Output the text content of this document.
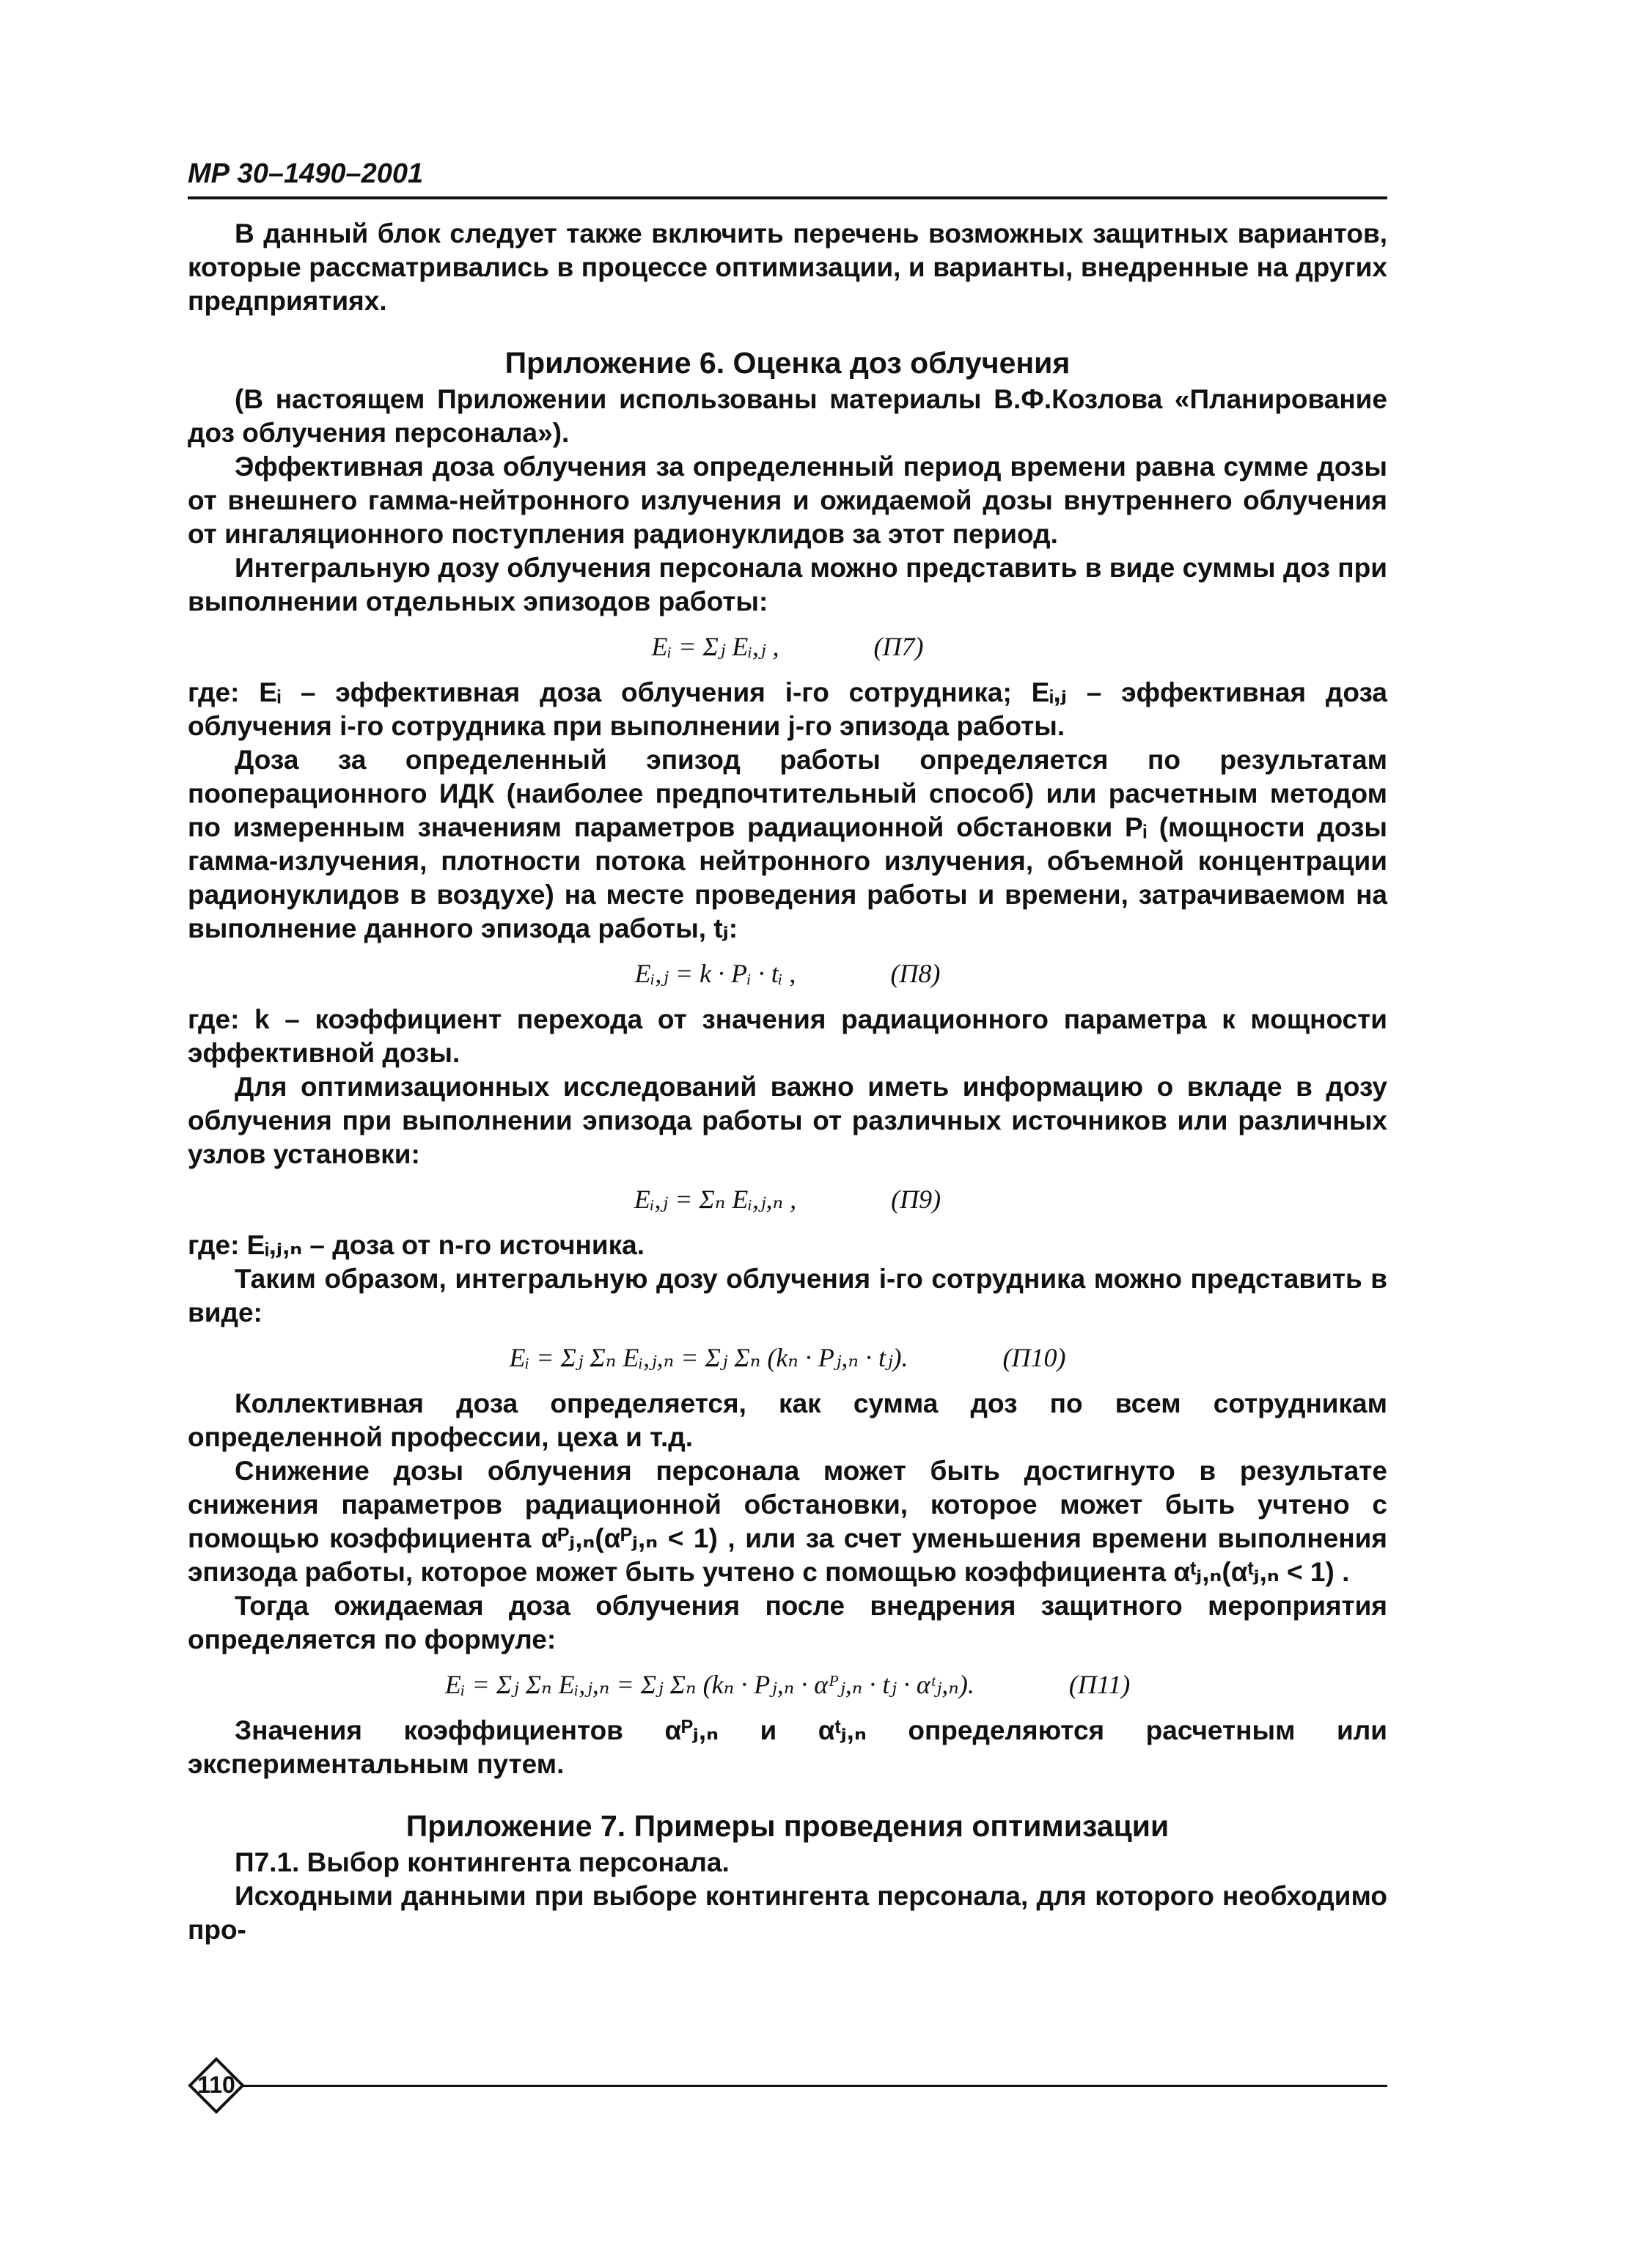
МР 30–1490–2001

В данный блок следует также включить перечень возможных защитных вариантов, которые рассматривались в процессе оптимизации, и варианты, внедренные на других предприятиях.

Приложение 6. Оценка доз облучения

(В настоящем Приложении использованы материалы В.Ф.Козлова «Планирование доз облучения персонала»).

Эффективная доза облучения за определенный период времени равна сумме дозы от внешнего гамма-нейтронного излучения и ожидаемой дозы внутреннего облучения от ингаляционного поступления радионуклидов за этот период.

Интегральную дозу облучения персонала можно представить в виде суммы доз при выполнении отдельных эпизодов работы:

Eᵢ = Σⱼ Eᵢ,ⱼ ,	(П7)

где: Eᵢ – эффективная доза облучения i-го сотрудника; Eᵢ,ⱼ – эффективная доза облучения i-го сотрудника при выполнении j-го эпизода работы.

Доза за определенный эпизод работы определяется по результатам пооперационного ИДК (наиболее предпочтительный способ) или расчетным методом по измеренным значениям параметров радиационной обстановки Pᵢ (мощности дозы гамма-излучения, плотности потока нейтронного излучения, объемной концентрации радионуклидов в воздухе) на месте проведения работы и времени, затрачиваемом на выполнение данного эпизода работы, tⱼ:

Eᵢ,ⱼ = k · Pᵢ · tᵢ ,	(П8)

где: k – коэффициент перехода от значения радиационного параметра к мощности эффективной дозы.

Для оптимизационных исследований важно иметь информацию о вкладе в дозу облучения при выполнении эпизода работы от различных источников или различных узлов установки:

Eᵢ,ⱼ = Σₙ Eᵢ,ⱼ,ₙ ,	(П9)

где: Eᵢ,ⱼ,ₙ – доза от n-го источника.

Таким образом, интегральную дозу облучения i-го сотрудника можно представить в виде:

Eᵢ = Σⱼ Σₙ Eᵢ,ⱼ,ₙ = Σⱼ Σₙ (kₙ · Pⱼ,ₙ · tⱼ).	(П10)

Коллективная доза определяется, как сумма доз по всем сотрудникам определенной профессии, цеха и т.д.

Снижение дозы облучения персонала может быть достигнуто в результате снижения параметров радиационной обстановки, которое может быть учтено с помощью коэффициента αᴾⱼ,ₙ(αᴾⱼ,ₙ < 1) , или за счет уменьшения времени выполнения эпизода работы, которое может быть учтено с помощью коэффициента αᵗⱼ,ₙ(αᵗⱼ,ₙ < 1) .

Тогда ожидаемая доза облучения после внедрения защитного мероприятия определяется по формуле:

Eᵢ = Σⱼ Σₙ Eᵢ,ⱼ,ₙ = Σⱼ Σₙ (kₙ · Pⱼ,ₙ · αᴾⱼ,ₙ · tⱼ · αᵗⱼ,ₙ).	(П11)

Значения коэффициентов αᴾⱼ,ₙ и αᵗⱼ,ₙ определяются расчетным или экспериментальным путем.

Приложение 7. Примеры проведения оптимизации

П7.1. Выбор контингента персонала.

Исходными данными при выборе контингента персонала, для которого необходимо про-

110
